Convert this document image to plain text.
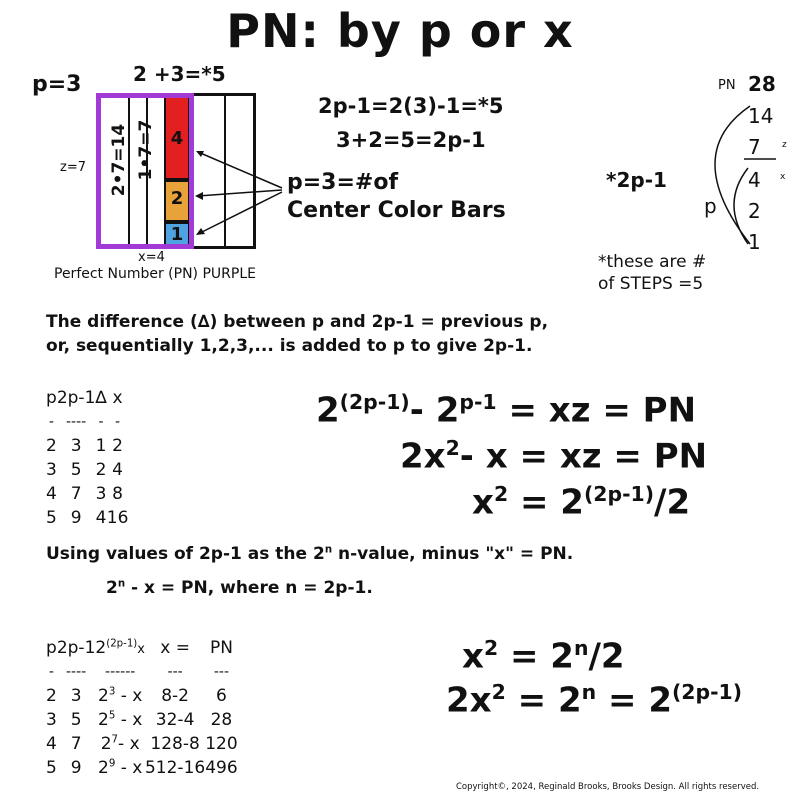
PN: by p or x
p=3	2 +3=*5
z=7
4
2
1
2•7=14 1•7=7
x=4
Perfect Number (PN) PURPLE
p=3=#of
Center Color Bars
2p-1=2(3)-1=*5
3+2=5=2p-1
PN 28
14
7 z
4 x
2
1
*2p-1
p
*these are #
of STEPS =5
The difference (∆) between p and 2p-1 = previous p,
or, sequentially 1,2,3,... is added to p to give 2p-1.
p	2p-1	∆	x
-	----	-	-
2	3	1	2
3	5	2	4
4	7	3	8
5	9	4	16
$2^{(2p-1)}-$ $2^{p-1}$ = xz = PN
$2x^2-$ x = xz = PN
$x^2 = 2^{(2p-1)}/2$
Using values of 2p-1 as the 2$^n$ n-value, minus "x" = PN.
2$^n$ - x = PN, where n = 2p-1.
p	2p-1	$2^{(2p-1)}x$	x =	PN
-	----	------	---	---
2	3	$2^3$ - x	8-2	6
3	5	$2^5$ - x	32-4	28
4	7	$2^7-$ x	128-8	120
5	9	$2^9$ - x	512-16	496
$x^2 = 2^n/2$
$2x^2 = 2^n = 2^{(2p-1)}$
Copyright©, 2024, Reginald Brooks, Brooks Design. All rights reserved.
